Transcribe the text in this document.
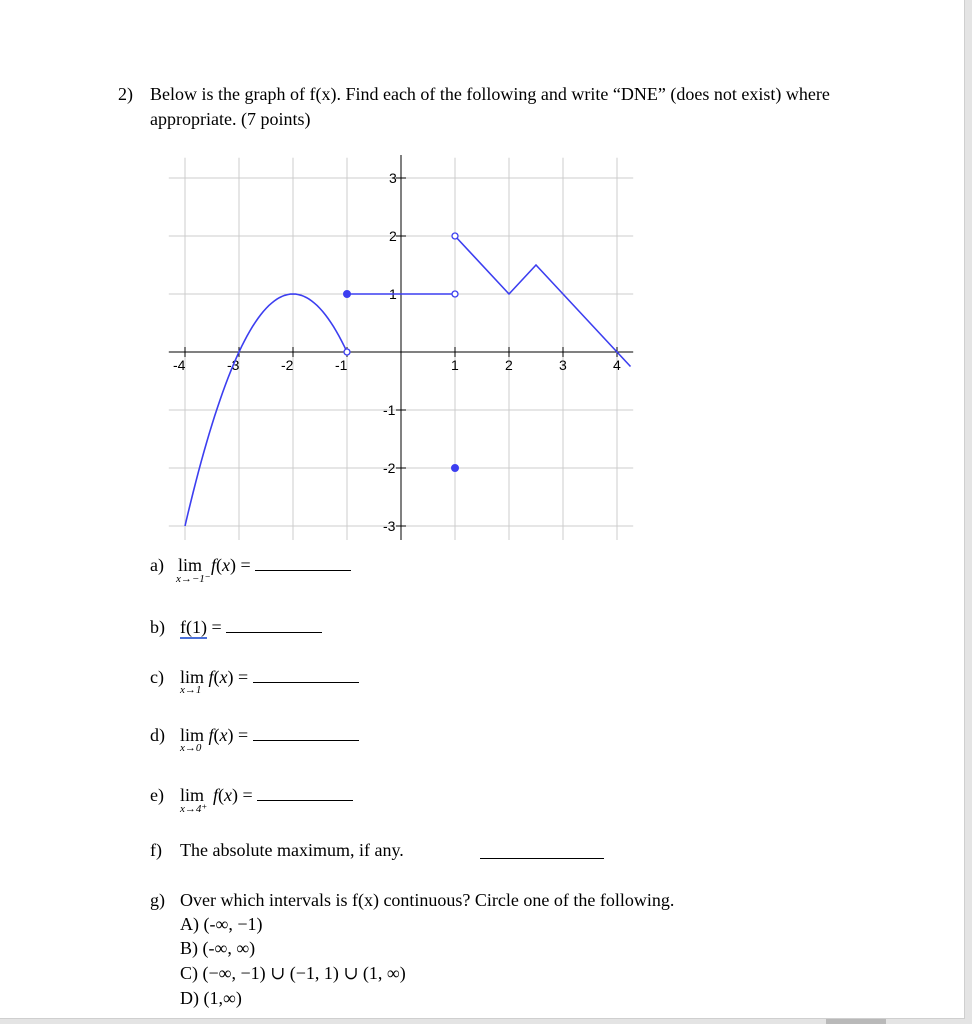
2) Below is the graph of f(x). Find each of the following and write “DNE” (does not exist) where appropriate. (7 points)
-4	-3	-2	-1	1	2	3	4
3
2
1
-1
-2
-3
a) lim
x→−1⁻
f(x) =
b) f(1) =
c) lim
x→1
f(x) =
d) lim
x→0
f(x) =
e) lim
x→4⁺
f(x) =
f) The absolute maximum, if any.
g) Over which intervals is f(x) continuous? Circle one of the following.
A) (-∞, −1)
B) (-∞, ∞)
C) (−∞, −1) ∪ (−1, 1) ∪ (1, ∞)
D) (1,∞)
